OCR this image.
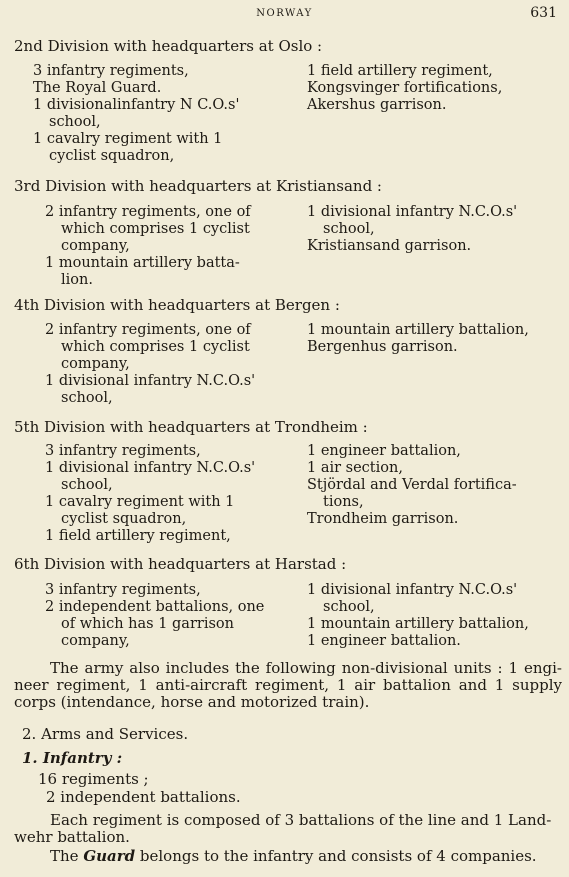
NORWAY	631
2nd Division with headquarters at Oslo :
3 infantry regiments,
The Royal Guard.
1 divisionalinfantry N C.O.s'
school,
1 cavalry regiment with 1
cyclist squadron,
1 field artillery regiment,
Kongsvinger fortifications,
Akershus garrison.
3rd Division with headquarters at Kristiansand :
2 infantry regiments, one of
which comprises 1 cyclist
company,
1 mountain artillery batta-
lion.
1 divisional infantry N.C.O.s'
school,
Kristiansand garrison.
4th Division with headquarters at Bergen :
2 infantry regiments, one of
which comprises 1 cyclist
company,
1 divisional infantry N.C.O.s'
school,
1 mountain artillery battalion,
Bergenhus garrison.
5th Division with headquarters at Trondheim :
3 infantry regiments,
1 divisional infantry N.C.O.s'
school,
1 cavalry regiment with 1
cyclist squadron,
1 field artillery regiment,
1 engineer battalion,
1 air section,
Stjördal and Verdal fortifica-
tions,
Trondheim garrison.
6th Division with headquarters at Harstad :
3 infantry regiments,
2 independent battalions, one
of which has 1 garrison
company,
1 divisional infantry N.C.O.s'
school,
1 mountain artillery battalion,
1 engineer battalion.
The army also includes the following non-divisional units : 1 engi- neer regiment, 1 anti-aircraft regiment, 1 air battalion and 1 supply corps (intendance, horse and motorized train).
2. Arms and Services.
1. Infantry :
16 regiments ;
2 independent battalions.
Each regiment is composed of 3 battalions of the line and 1 Land-
wehr battalion.
The Guard belongs to the infantry and consists of 4 companies.
